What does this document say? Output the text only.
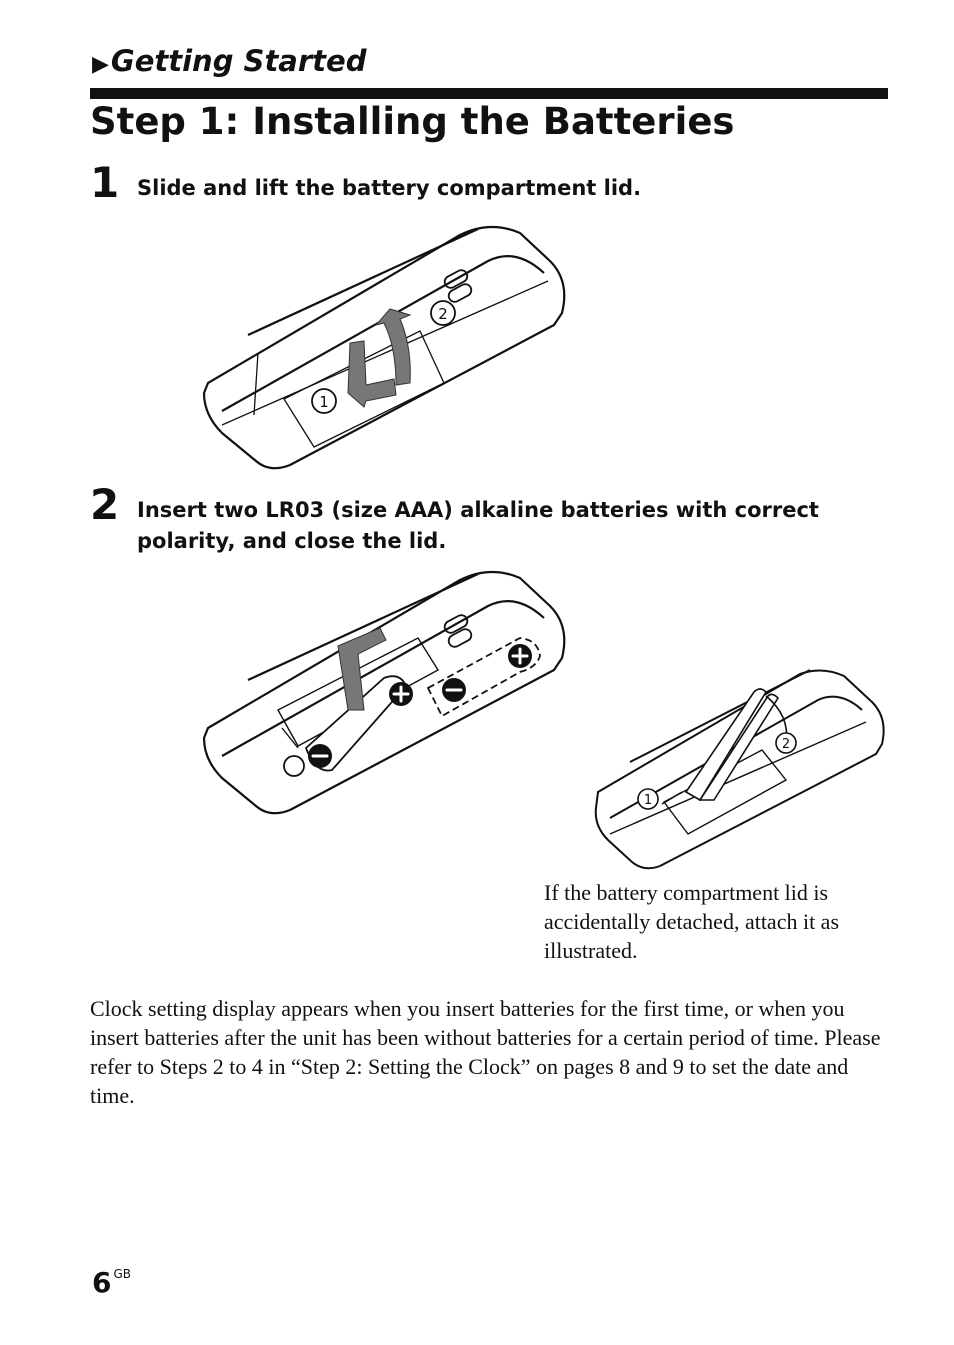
▶Getting Started
Step 1: Installing the Batteries
1 Slide and lift the battery compartment lid.
1
2
2 Insert two LR03 (size AAA) alkaline batteries with correct polarity, and close the lid.
1
2
If the battery compartment lid is accidentally detached, attach it as illustrated.
Clock setting display appears when you insert batteries for the first time, or when you insert batteries after the unit has been without batteries for a certain period of time. Please refer to Steps 2 to 4 in “Step 2: Setting the Clock” on pages 8 and 9 to set the date and time.
6 $^{GB}$
